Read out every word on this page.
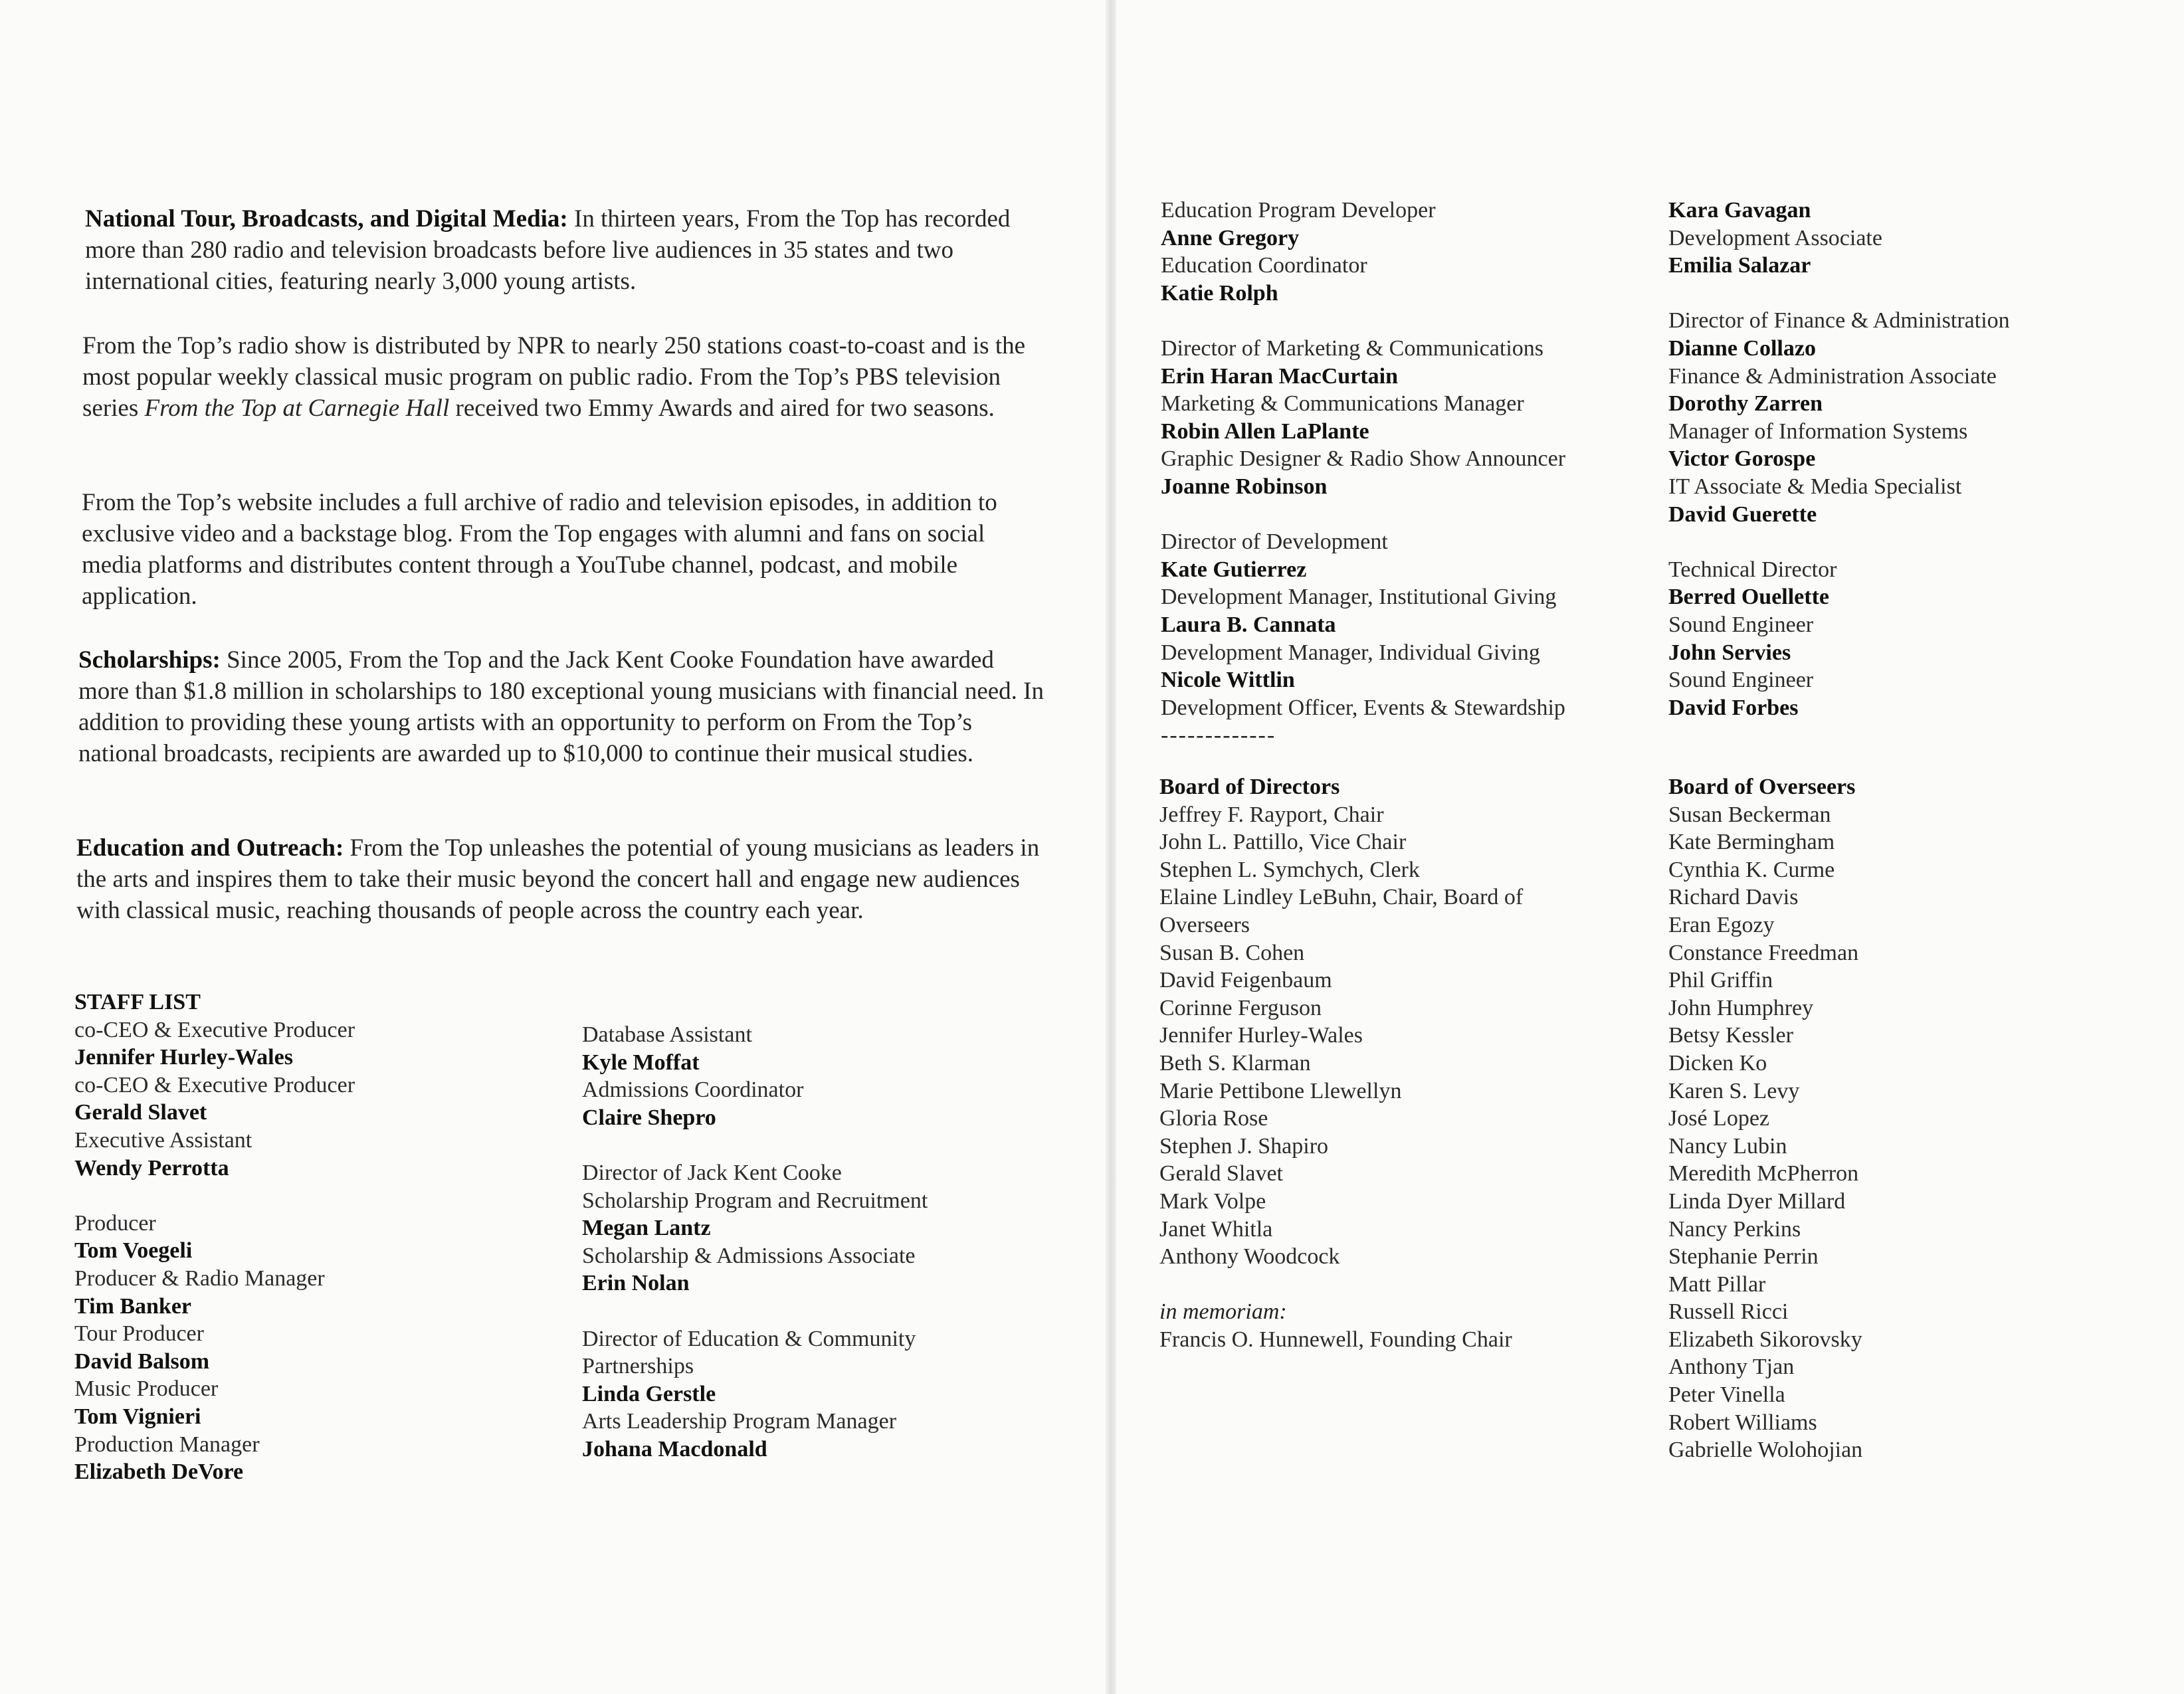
National Tour, Broadcasts, and Digital Media: In thirteen years, From the Top has recorded more than 280 radio and television broadcasts before live audiences in 35 states and two international cities, featuring nearly 3,000 young artists.

From the Top’s radio show is distributed by NPR to nearly 250 stations coast-to-coast and is the most popular weekly classical music program on public radio. From the Top’s PBS television series From the Top at Carnegie Hall received two Emmy Awards and aired for two seasons.

From the Top’s website includes a full archive of radio and television episodes, in addition to exclusive video and a backstage blog. From the Top engages with alumni and fans on social media platforms and distributes content through a YouTube channel, podcast, and mobile application.

Scholarships: Since 2005, From the Top and the Jack Kent Cooke Foundation have awarded more than $1.8 million in scholarships to 180 exceptional young musicians with financial need. In addition to providing these young artists with an opportunity to perform on From the Top’s national broadcasts, recipients are awarded up to $10,000 to continue their musical studies.

Education and Outreach: From the Top unleashes the potential of young musicians as leaders in the arts and inspires them to take their music beyond the concert hall and engage new audiences with classical music, reaching thousands of people across the country each year.

STAFF LIST
co-CEO & Executive Producer
Jennifer Hurley-Wales
co-CEO & Executive Producer
Gerald Slavet
Executive Assistant
Wendy Perrotta
Producer
Tom Voegeli
Producer & Radio Manager
Tim Banker
Tour Producer
David Balsom
Music Producer
Tom Vignieri
Production Manager
Elizabeth DeVore
Database Assistant
Kyle Moffat
Admissions Coordinator
Claire Shepro
Director of Jack Kent Cooke
Scholarship Program and Recruitment
Megan Lantz
Scholarship & Admissions Associate
Erin Nolan
Director of Education & Community
Partnerships
Linda Gerstle
Arts Leadership Program Manager
Johana Macdonald
Education Program Developer
Anne Gregory
Education Coordinator
Katie Rolph
Director of Marketing & Communications
Erin Haran MacCurtain
Marketing & Communications Manager
Robin Allen LaPlante
Graphic Designer & Radio Show Announcer
Joanne Robinson
Director of Development
Kate Gutierrez
Development Manager, Institutional Giving
Laura B. Cannata
Development Manager, Individual Giving
Nicole Wittlin
Development Officer, Events & Stewardship
-------------
Kara Gavagan
Development Associate
Emilia Salazar
Director of Finance & Administration
Dianne Collazo
Finance & Administration Associate
Dorothy Zarren
Manager of Information Systems
Victor Gorospe
IT Associate & Media Specialist
David Guerette
Technical Director
Berred Ouellette
Sound Engineer
John Servies
Sound Engineer
David Forbes
Board of Directors
Jeffrey F. Rayport, Chair
John L. Pattillo, Vice Chair
Stephen L. Symchych, Clerk
Elaine Lindley LeBuhn, Chair, Board of
Overseers
Susan B. Cohen
David Feigenbaum
Corinne Ferguson
Jennifer Hurley-Wales
Beth S. Klarman
Marie Pettibone Llewellyn
Gloria Rose
Stephen J. Shapiro
Gerald Slavet
Mark Volpe
Janet Whitla
Anthony Woodcock
in memoriam:
Francis O. Hunnewell, Founding Chair
Board of Overseers
Susan Beckerman
Kate Bermingham
Cynthia K. Curme
Richard Davis
Eran Egozy
Constance Freedman
Phil Griffin
John Humphrey
Betsy Kessler
Dicken Ko
Karen S. Levy
José Lopez
Nancy Lubin
Meredith McPherron
Linda Dyer Millard
Nancy Perkins
Stephanie Perrin
Matt Pillar
Russell Ricci
Elizabeth Sikorovsky
Anthony Tjan
Peter Vinella
Robert Williams
Gabrielle Wolohojian
